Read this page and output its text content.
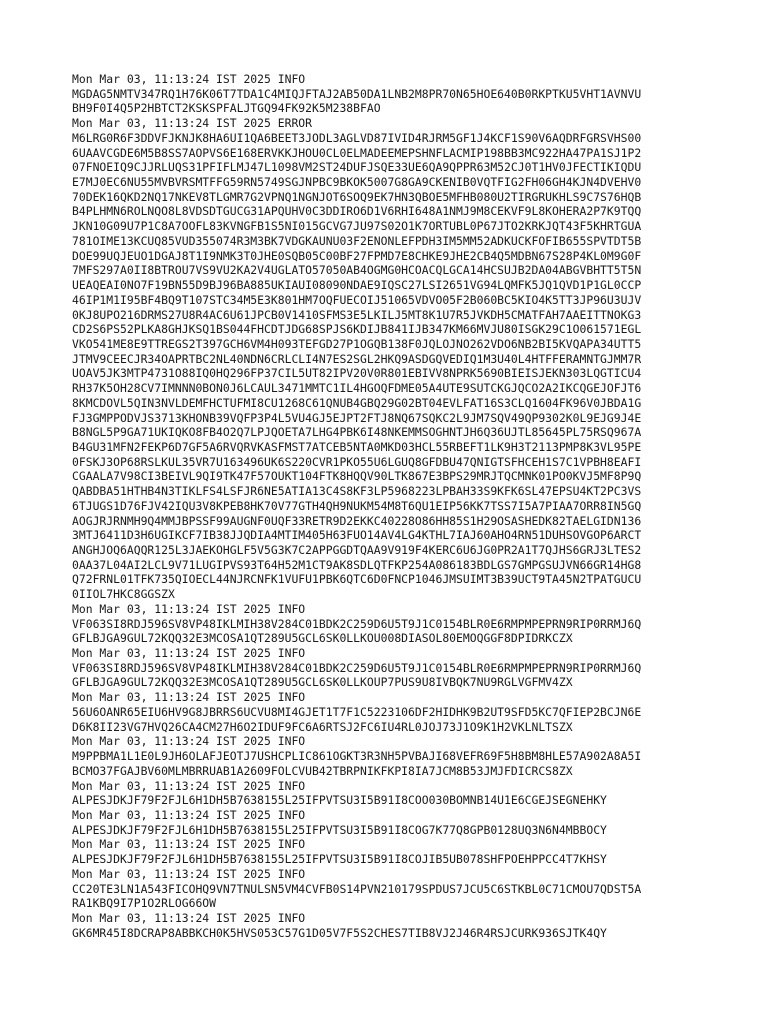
Mon Mar 03, 11:13:24 IST 2025 INFO
MGDAG5NMTV347RQ1H76K06T7TDA1C4MIQJFTAJ2AB50DA1LNB2M8PR70N65HOE640B0RKPTKU5VHT1AVNVU
BH9F0I4Q5P2HBTCT2KSKSPFALJTGQ94FK92K5M238BFAO
Mon Mar 03, 11:13:24 IST 2025 ERROR
M6LRG0R6F3DDVFJKNJK8HA6UI1QA6BEET3JODL3AGLVD87IVID4RJRM5GF1J4KCF1S90V6AQDRFGRSVHS00
6UAAVCGDE6M5B8SS7AOPVS6E168ERVKKJHOU0CL0ELMADEEMEPSHNFLACMIP198BB3MC922HA47PA1SJ1P2
07FNOEIQ9CJJRLUQS31PFIFLMJ47L1098VM2ST24DUFJSQE33UE6QA9QPPR63M52CJ0T1HV0JFECTIKIQDU
E7MJ0EC6NU55MVBVRSMTFFG59RN5749SGJNPBC9BKOK5007G8GA9CKENIB0VQTFIG2FH06GH4KJN4DVEHV0
70DEK16QKD2NQ17NKEV8TLGMR7G2VPNQ1NGNJOT6SOQ9EK7HN3QBOE5MFHB080U2TIRGRUKHLS9C7S76HQB
B4PLHMN6ROLNQO8L8VDSDTGUCG31APQUHV0C3DDIRO6D1V6RHI648A1NMJ9M8CEKVF9L8KOHERA2P7K9TQQ
JKN10G09U7P1C8A7OOFL83KVNGFB1S5NI015GCVG7JU97S02O1K7ORTUBL0P67JTO2KRKJQT43F5KHRTGUA
781OIME13KCUQ85VUD355074R3M3BK7VDGKAUNU03F2ENONLEFPDH3IM5MM52ADKUCKFOFIB655SPVTDT5B
DOE99UQJEUO1DGAJ8T1I9NMK3T0JHE0SQB05C00BF27FPMD7E8CHKE9JHE2CB4Q5MDBN67S28P4KL0M9G0F
7MFS297A0II8BTROU7VS9VU2KA2V4UGLATO57050AB4OGMG0HCOACQLGCA14HCSUJB2DA04ABGVBHTT5T5N
UEAQEAI0NO7F19BN55D9BJ96BA885UKIAUI08090NDAE9IQSC27LSI2651VG94LQMFK5JQ1QVD1P1GL0CCP
46IP1M1I95BF4BQ9T107STC34M5E3K801HM7OQFUECOIJ51065VDVO05F2B060BC5KIO4K5TT3JP96U3UJV
0KJ8UPO216DRMS27U8R4AC6U61JPCB0V1410SFMS3E5LKILJ5MT8K1U7R5JVKDH5CMATFAH7AAEITTNOKG3
CD2S6PS52PLKA8GHJKSQ1BS044FHCDTJDG68SPJS6KDIJB841IJB347KM66MVJU80ISGK29C1O061571EGL
VKO541ME8E9TTREGS2T397GCH6VM4H093TEFGD27P1OGQB138F0JQLOJNO262VDO6NB2BI5KVQAPA34UTT5
JTMV9CEECJR34OAPRTBC2NL40NDN6CRLCLI4N7ES2SGL2HKQ9ASDGQVEDIQ1M3U40L4HTFFERAMNTGJMM7R
UOAV5JK3MTP4731O88IQ0HQ296FP37CIL5UT82IPV20V0R801EBIVV8NPRK5690BIEISJEKN303LQGTICU4
RH37K5OH28CV7IMNNN0BON0J6LCAUL3471MMTC1IL4HGOQFDME05A4UTE9SUTCKGJQCO2A2IKCQGEJOFJT6
8KMCDOVL5QIN3NVLDEMFHCTUFMI8CU1268C61QNUB4GBQ29G02BT04EVLFAT16S3CLQ1604FK96V0JBDA1G
FJ3GMPPODVJS3713KHONB39VQFP3P4L5VU4GJ5EJPT2FTJ8NQ67SQKC2L9JM7SQV49QP9302K0L9EJG9J4E
B8NGL5P9GA71UKIQKO8FB4O2Q7LPJQOETA7LHG4PBK6I48NKEMMSOGHNTJH6Q36UJTL85645PL75RSQ967A
B4GU31MFN2FEKP6D7GF5A6RVQRVKASFMST7ATCEB5NTA0MKD03HCL55RBEFT1LK9H3T2113PMP8K3VL95PE
0FSKJ3OP68RSLKUL35VR7U163496UK6S220CVR1PKO55U6LGUQ8GFDBU47QNIGTSFHCEH1S7C1VPBH8EAFI
CGAALA7V98CI3BEIVL9QI9TK47F57OUKT104FTK8HQQV90LTK867E3BPS29MRJTQCMNK01PO0KVJ5MF8P9Q
QABDBA51HTHB4N3TIKLFS4LSFJR6NE5ATIA13C4S8KF3LP5968223LPBAH33S9KFK6SL47EPSU4KT2PC3VS
6TJUGS1D76FJV42IQU3V8KPEB8HK70V77GTH4QH9NUKM54M8T6QU1EIP56KK7TSS7I5A7PIAA7ORR8IN5GQ
AOGJRJRNMH9Q4MMJBPSSF99AUGNF0UQF33RETR9D2EKKC40228O86HH85S1H29OSASHEDK82TAELGIDN136
3MTJ6411D3H6UGIKCF7IB38JJQDIA4MTIM405H63FUO14AV4LG4KTHL7IAJ60AHO4RN51DUHSOVGOP6ARCT
ANGHJOQ6AQQR125L3JAEKOHGLF5V5G3K7C2APPGGDTQAA9V919F4KERC6U6JG0PR2A1T7QJHS6GRJ3LTES2
0AA37L04AI2LCL9V71LUGIPVS93T64H52M1CT9AK8SDLQTFKP254A086183BDLGS7GMPGSUJVN66GR14HG8
Q72FRNL01TFK735QIOECL44NJRCNFK1VUFU1PBK6QTC6D0FNCP1046JMSUIMT3B39UCT9TA45N2TPATGUCU
0IIOL7HKC8GGSZX
Mon Mar 03, 11:13:24 IST 2025 INFO
VF063SI8RDJ596SV8VP48IKLMIH38V284C01BDK2C259D6U5T9J1C0154BLR0E6RMPMPEPRN9RIP0RRMJ6Q
GFLBJGA9GUL72KQQ32E3MCOSA1QT289U5GCL6SK0LLKOU008DIASOL80EMOQGGF8DPIDRKCZX
Mon Mar 03, 11:13:24 IST 2025 INFO
VF063SI8RDJ596SV8VP48IKLMIH38V284C01BDK2C259D6U5T9J1C0154BLR0E6RMPMPEPRN9RIP0RRMJ6Q
GFLBJGA9GUL72KQQ32E3MCOSA1QT289U5GCL6SK0LLKOUP7PUS9U8IVBQK7NU9RGLVGFMV4ZX
Mon Mar 03, 11:13:24 IST 2025 INFO
56U6OANR65EIU6HV9G8JBRRS6UCVU8MI4GJET1T7F1C5223106DF2HIDHK9B2UT9SFD5KC7QFIEP2BCJN6E
D6K8II23VG7HVQ26CA4CM27H6O2IDUF9FC6A6RTSJ2FC6IU4RL0JOJ73J1O9K1H2VKLNLTSZX
Mon Mar 03, 11:13:24 IST 2025 INFO
M9PPBMA1L1E0L9JH6OLAFJEOTJ7USHCPLIC861OGKT3R3NH5PVBAJI68VEFR69F5H8BM8HLE57A902A8A5I
BCMO37FGAJBV60MLMBRRUAB1A2609FOLCVUB42TBRPNIKFKPI8IA7JCM8B53JMJFDICRCS8ZX
Mon Mar 03, 11:13:24 IST 2025 INFO
ALPESJDKJF79F2FJL6H1DH5B7638155L25IFPVTSU3I5B91I8COO030BOMNB14U1E6CGEJSEGNEHKY
Mon Mar 03, 11:13:24 IST 2025 INFO
ALPESJDKJF79F2FJL6H1DH5B7638155L25IFPVTSU3I5B91I8COG7K77Q8GPB0128UQ3N6N4MBBOCY
Mon Mar 03, 11:13:24 IST 2025 INFO
ALPESJDKJF79F2FJL6H1DH5B7638155L25IFPVTSU3I5B91I8COJIB5UB078SHFPOEHPPCC4T7KHSY
Mon Mar 03, 11:13:24 IST 2025 INFO
CC20TE3LN1A543FICOHQ9VN7TNULSN5VM4CVFB0S14PVN210179SPDUS7JCU5C6STKBL0C71CMOU7QDST5A
RA1KBQ9I7P1O2RLOG66OW
Mon Mar 03, 11:13:24 IST 2025 INFO
GK6MR45I8DCRAP8ABBKCH0K5HVS053C57G1D05V7F5S2CHES7TIB8VJ2J46R4RSJCURK936SJTK4QY
